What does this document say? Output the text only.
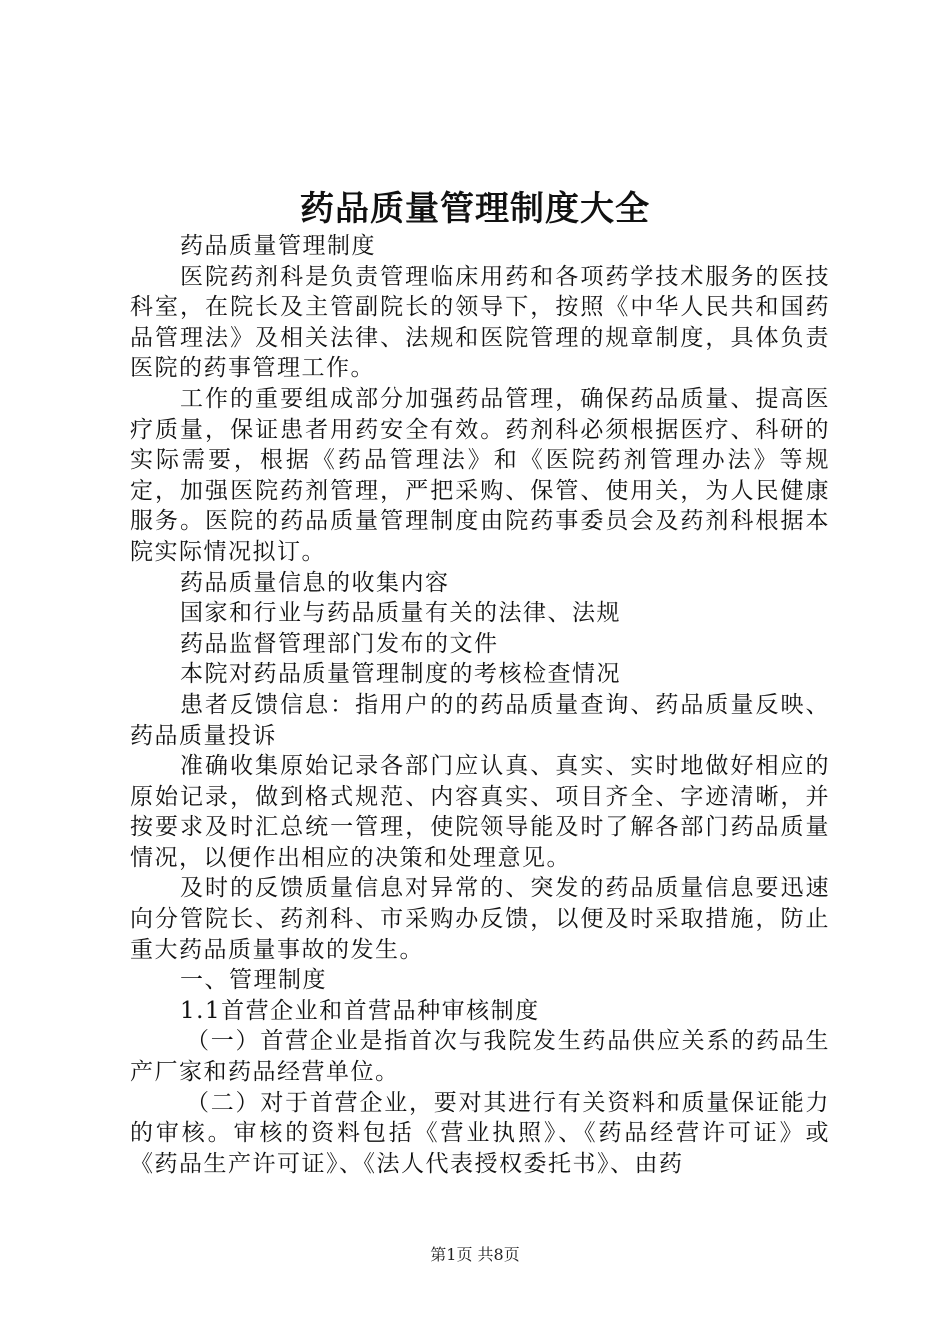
药品质量管理制度大全

药品质量管理制度

医院药剂科是负责管理临床用药和各项药学技术服务的医技科室，在院长及主管副院长的领导下，按照《中华人民共和国药品管理法》及相关法律、法规和医院管理的规章制度，具体负责医院的药事管理工作。

工作的重要组成部分加强药品管理，确保药品质量、提高医疗质量，保证患者用药安全有效。药剂科必须根据医疗、科研的实际需要，根据《药品管理法》和《医院药剂管理办法》等规定，加强医院药剂管理，严把采购、保管、使用关，为人民健康服务。医院的药品质量管理制度由院药事委员会及药剂科根据本院实际情况拟订。

药品质量信息的收集内容

国家和行业与药品质量有关的法律、法规

药品监督管理部门发布的文件

本院对药品质量管理制度的考核检查情况

患者反馈信息：指用户的的药品质量查询、药品质量反映、药品质量投诉

准确收集原始记录各部门应认真、真实、实时地做好相应的原始记录，做到格式规范、内容真实、项目齐全、字迹清晰，并按要求及时汇总统一管理，使院领导能及时了解各部门药品质量情况，以便作出相应的决策和处理意见。

及时的反馈质量信息对异常的、突发的药品质量信息要迅速向分管院长、药剂科、市采购办反馈，以便及时采取措施，防止重大药品质量事故的发生。

一、管理制度

1.1首营企业和首营品种审核制度

（一）首营企业是指首次与我院发生药品供应关系的药品生产厂家和药品经营单位。

（二）对于首营企业，要对其进行有关资料和质量保证能力的审核。审核的资料包括《营业执照》、《药品经营许可证》或《药品生产许可证》、《法人代表授权委托书》、由药

第1页 共8页
